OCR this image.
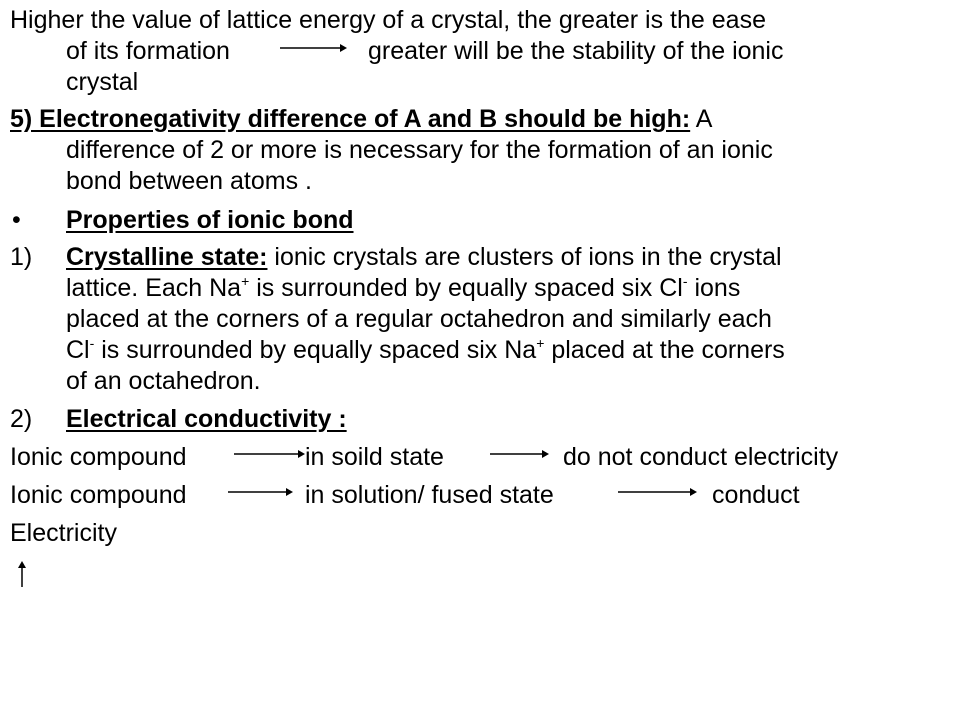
Higher the value of lattice energy of a crystal, the greater is the ease
of its formation	greater will be the stability of the ionic
crystal
5) Electronegativity difference of A and B should be high: A
difference of 2 or more is necessary for the formation of an ionic
bond between atoms .
• Properties of ionic bond
1) Crystalline state: ionic crystals are clusters of ions in the crystal
lattice. Each Na+ is surrounded by equally spaced six Cl- ions
placed at the corners of a regular octahedron and similarly each
Cl- is surrounded by equally spaced six Na+ placed at the corners
of an octahedron.
2) Electrical conductivity :
Ionic compound	in soild state	do not conduct electricity
Ionic compound	in solution/ fused state	conduct
Electricity
